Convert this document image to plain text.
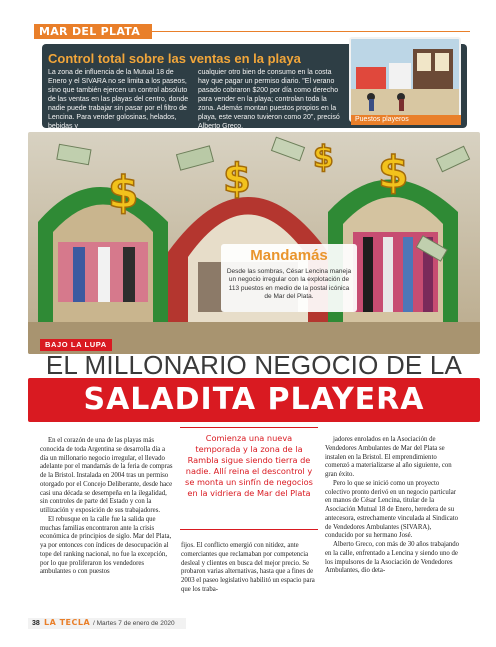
MAR DEL PLATA
Control total sobre las ventas en la playa
La zona de influencia de la Mutual 18 de Enero y el SIVARA no se limita a los paseos, sino que también ejercen un control absoluto de las ventas en las playas del centro, donde nadie puede trabajar sin pasar por el filtro de Lencina. Para vender golosinas, helados, bebidas y
cualquier otro bien de consumo en la costa hay que pagar un permiso diario. "El verano pasado cobraron $200 por día como derecho para vender en la playa; controlan toda la zona. Además montan puestos propios en la playa, este verano tuvieron como 20", precisó Alberto Greco.
Puestos playeros
$ $ $ $
Mandamás
Desde las sombras, César Lencina maneja un negocio irregular con la explotación de 113 puestos en medio de la postal icónica de Mar del Plata.
BAJO LA LUPA
EL MILLONARIO NEGOCIO DE LA
SALADITA PLAYERA

En el corazón de una de las playas más conocida de toda Argentina se desarrolla día a día un millonario negocio irregular, el llevado adelante por el mandamás de la feria de compras de la Bristol. Instalada en 2004 tras un permiso otorgado por el Concejo Deliberante, desde hace casi una década se desempeña en la ilegalidad, sin controles de parte del Estado y con la utilización y exposición de sus trabajadores.

El rebusque en la calle fue la salida que muchas familias encontraron ante la crisis económica de principios de siglo. Mar del Plata, ya por entonces con índices de desocupación al tope del ranking nacional, no fue la excepción, por lo que proliferaron los vendedores ambulantes o con puestos

Comienza una nueva temporada y la zona de la Rambla sigue siendo tierra de nadie. Allí reina el descontrol y se monta un sinfín de negocios en la vidriera de Mar del Plata
fijos. El conflicto emergió con nitidez, ante comerciantes que reclamaban por competencia desleal y clientes en busca del mejor precio. Se probaron varias alternativas, hasta que a fines de 2003 el paseo legislativo habilitó un espacio para que los traba-

jadores enrolados en la Asociación de Vendedores Ambulantes de Mar del Plata se instalen en la Bristol. El emprendimiento comenzó a materializarse al año siguiente, con gran éxito.

Pero lo que se inició como un proyecto colectivo pronto derivó en un negocio particular en manos de César Lencina, titular de la Asociación Mutual 18 de Enero, heredera de su antecesora, estrechamente vinculada al Sindicato de Vendedores Ambulantes (SIVARA), conducido por su hermano José.

Alberto Greco, con más de 30 años trabajando en la calle, enfrentado a Lencina y siendo uno de los impulsores de la Asociación de Vendedores Ambulantes, dio deta-

38 LA TECLA / Martes 7 de enero de 2020
